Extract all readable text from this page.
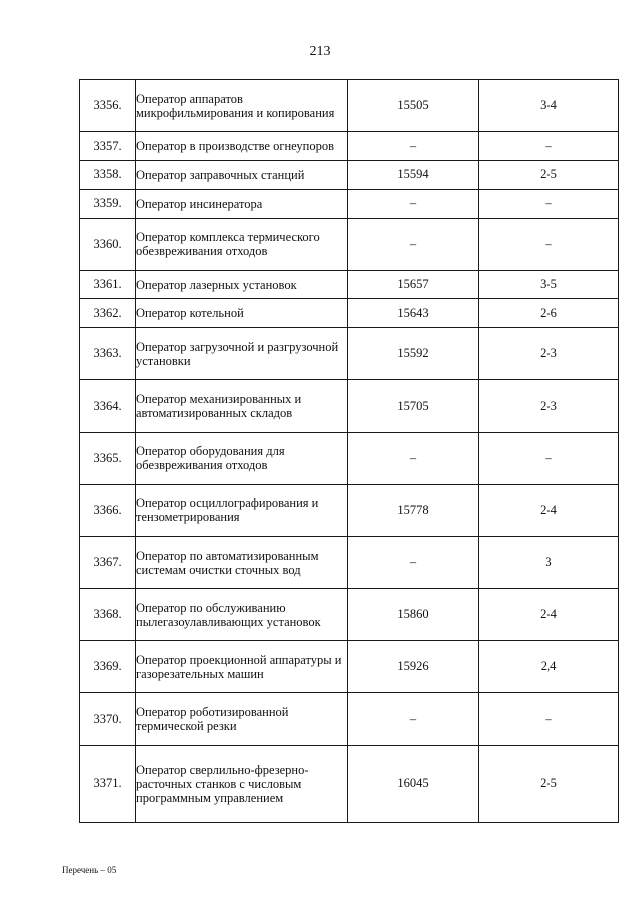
213
3356.	Оператор аппаратов микрофильмирования и копирования	15505	3-4
3357.	Оператор в производстве огнеупоров	–	–
3358.	Оператор заправочных станций	15594	2-5
3359.	Оператор инсинератора	–	–
3360.	Оператор комплекса термического обезвреживания отходов	–	–
3361.	Оператор лазерных установок	15657	3-5
3362.	Оператор котельной	15643	2-6
3363.	Оператор загрузочной и разгрузочной установки	15592	2-3
3364.	Оператор механизированных и автоматизированных складов	15705	2-3
3365.	Оператор оборудования для обезвреживания отходов	–	–
3366.	Оператор осциллографирования и тензометрирования	15778	2-4
3367.	Оператор по автоматизированным системам очистки сточных вод	–	3
3368.	Оператор по обслуживанию пылегазоулавливающих установок	15860	2-4
3369.	Оператор проекционной аппаратуры и газорезательных машин	15926	2,4
3370.	Оператор роботизированной термической резки	–	–
3371.	Оператор сверлильно-фрезерно-расточных станков с числовым программным управлением	16045	2-5
Перечень – 05
